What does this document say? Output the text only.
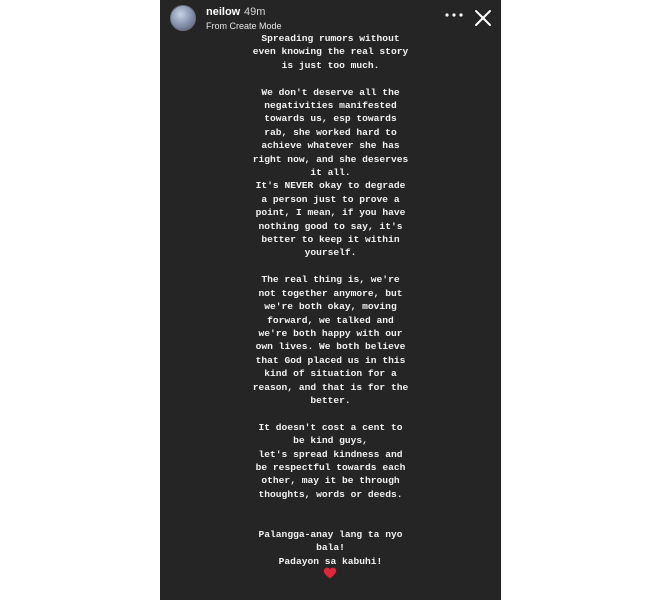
neilow 49m
From Create Mode
Spreading rumors without
even knowing the real story
is just too much.
We don't deserve all the
negativities manifested
towards us, esp towards
rab, she worked hard to
achieve whatever she has
right now, and she deserves
it all.
It's NEVER okay to degrade
a person just to prove a
point, I mean, if you have
nothing good to say, it's
better to keep it within
yourself.
The real thing is, we're
not together anymore, but
we're both okay, moving
forward, we talked and
we're both happy with our
own lives. We both believe
that God placed us in this
kind of situation for a
reason, and that is for the
better.
It doesn't cost a cent to
be kind guys,
let's spread kindness and
be respectful towards each
other, may it be through
thoughts, words or deeds.
Palangga-anay lang ta nyo
bala!
Padayon sa kabuhi!
